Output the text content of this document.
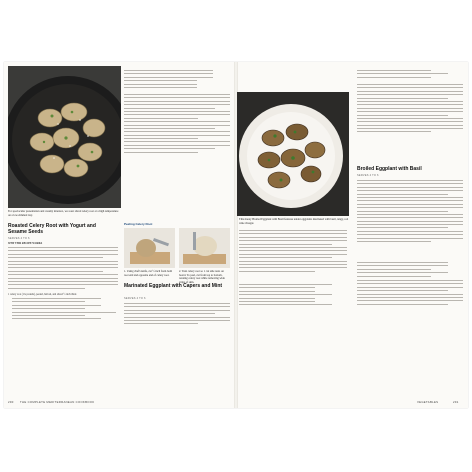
For spectacular presentation and creamy interiors, we roast sliced celery root at a high temperature on a low-rimmed tray.
Roasted Celery Root with Yogurt and Sesame Seeds
SERVES 4 TO 6
WHY THIS RECIPE WORKS
1 celery root (1¼ pounds), peeled, halved, and sliced ½ inch thick
Peeling Celery Root
1. Using chef's knife, cut ½ inch from both root end and opposite end of celery root.
2. Turn celery root so 1 cut side rests on board. To peel, cut from top to bottom, rotating celery root while removing wide strips of skin.
Marinated Eggplant with Capers and Mint
SERVES 4 TO 6
290 THE COMPLETE MEDITERRANEAN COOKBOOK
This meaty Broiled Eggplant with Basil features tender eggplants marinated with basil, tangy, red wine vinegar.
Broiled Eggplant with Basil
SERVES 4 TO 6
VEGETABLES	291
